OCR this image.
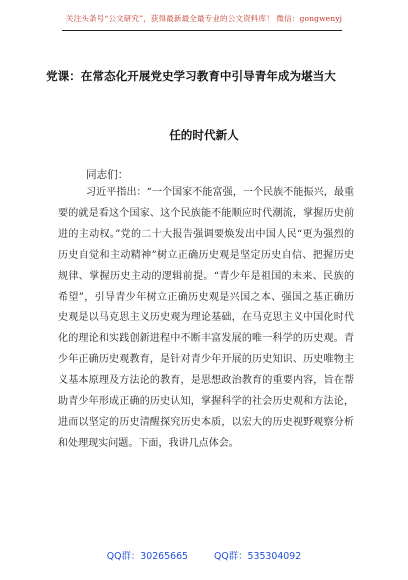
关注头条号“公文研究”，获得最新最全最专业的公文资料库！ 微信：gongwenyj
党课：在常态化开展党史学习教育中引导青年成为堪当大
任的时代新人
同志们：
习近平指出：“一个国家不能富强，一个民族不能振兴，最重要的就是看这个国家、这个民族能不能顺应时代潮流，掌握历史前进的主动权。”党的二十大报告强调要焕发出中国人民“更为强烈的历史自觉和主动精神”树立正确历史观是坚定历史自信、把握历史规律、掌握历史主动的逻辑前提。“青少年是祖国的未来、民族的希望”，引导青少年树立正确历史观是兴国之本、强国之基正确历史观是以马克思主义历史观为理论基础，在马克思主义中国化时代化的理论和实践创新进程中不断丰富发展的唯一科学的历史观。青少年正确历史观教育，是针对青少年开展的历史知识、历史唯物主义基本原理及方法论的教育，是思想政治教育的重要内容，旨在帮助青少年形成正确的历史认知，掌握科学的社会历史观和方法论，进而以坚定的历史清醒探究历史本质，以宏大的历史视野观察分析和处理现实问题。下面，我讲几点体会。
QQ群：30265665	QQ群：535304092
